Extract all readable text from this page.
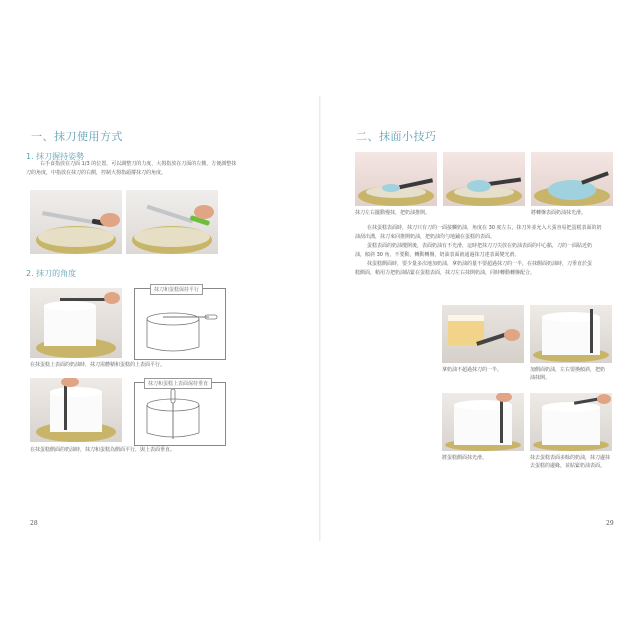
一、抹刀使用方式
1. 抹刀握持姿勢
右手食指放在刀面 1/3 的位置，可以調整刀的力度，大拇指放在刀面的左側，方便調整抹
刀的角度，中指放在抹刀的右側，控制大拇指頭撐抹刀的角度。
2. 抹刀的角度
抹刀和蛋糕保持平行
在抹蛋糕上表面的奶油時，抹刀需體積和蛋糕的上表面平行。
抹刀和蛋糕上表面保持垂直
在抹蛋糕側面的奶油時，抹刀和蛋糕為側面平行，與上表面垂直。
28
二、抹面小技巧
抹刀左右擺動慢抹，把奶油推開。	將轉盤表面奶油抹光滑。
在抹蛋糕表面時，抹刀只有刀的一面接觸奶油，角度在 30 度左右，抹刀外並允入大張容易把蛋糕表面的奶
油刮出溝，抹刀來回推開奶油，把奶油均勻地鋪在蛋糕的表面。
蛋糕表面的奶油攪開後，表面奶油有不光滑，這時把抹刀刀尖放在奶油表面的中心點，刀的一面貼近奶
油，傾斜 30 角，不要動，轉動轉盤，奶油表面就通過抹刀達表面變光滑。
抹蛋糕側面時，要少量多次地加奶油，拿奶油的量不要超過抹刀的一半，在抹側面奶油時，刀垂直於蛋
糕側面，稍用力把奶油貼緊在蛋糕表面，抹刀左右抹開奶油，同時轉動轉盤配合。
拿奶油不超過抹刀的一半。	加側面奶油，左右要換傾斜，把奶
油抹開。
將蛋糕側面抹光滑。	抹去蛋糕表面多餘的奶油，抹刀邊抹
去蛋糕的邊緣，並貼緊奶油表面。
29
